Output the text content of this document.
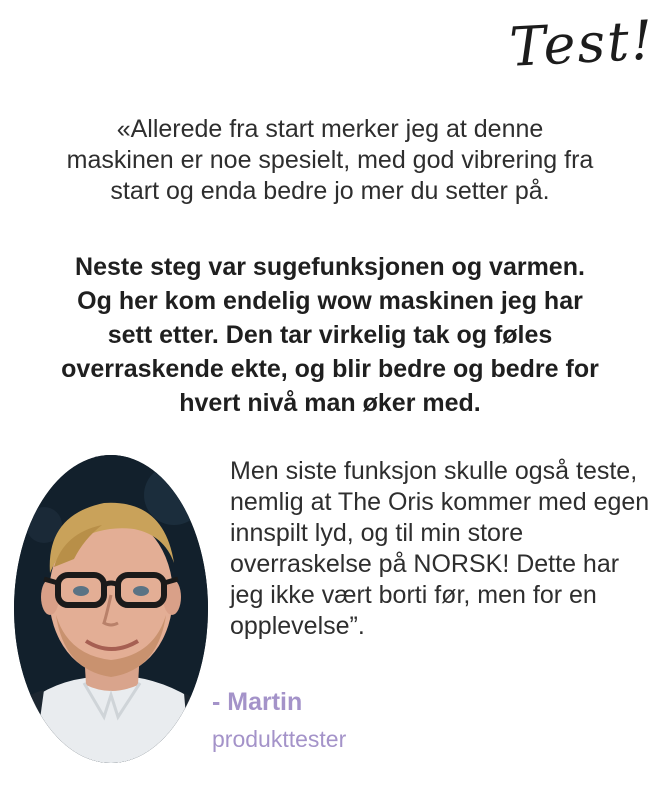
Test!

«Allerede fra start merker jeg at denne maskinen er noe spesielt, med god vibrering fra start og enda bedre jo mer du setter på.

Neste steg var sugefunksjonen og varmen. Og her kom endelig wow maskinen jeg har sett etter. Den tar virkelig tak og føles overraskende ekte, og blir bedre og bedre for hvert nivå man øker med.

Men siste funksjon skulle også teste, nemlig at The Oris kommer med egen innspilt lyd, og til min store overraskelse på NORSK! Dette har jeg ikke vært borti før, men for en opplevelse”.

- Martin
produkttester
